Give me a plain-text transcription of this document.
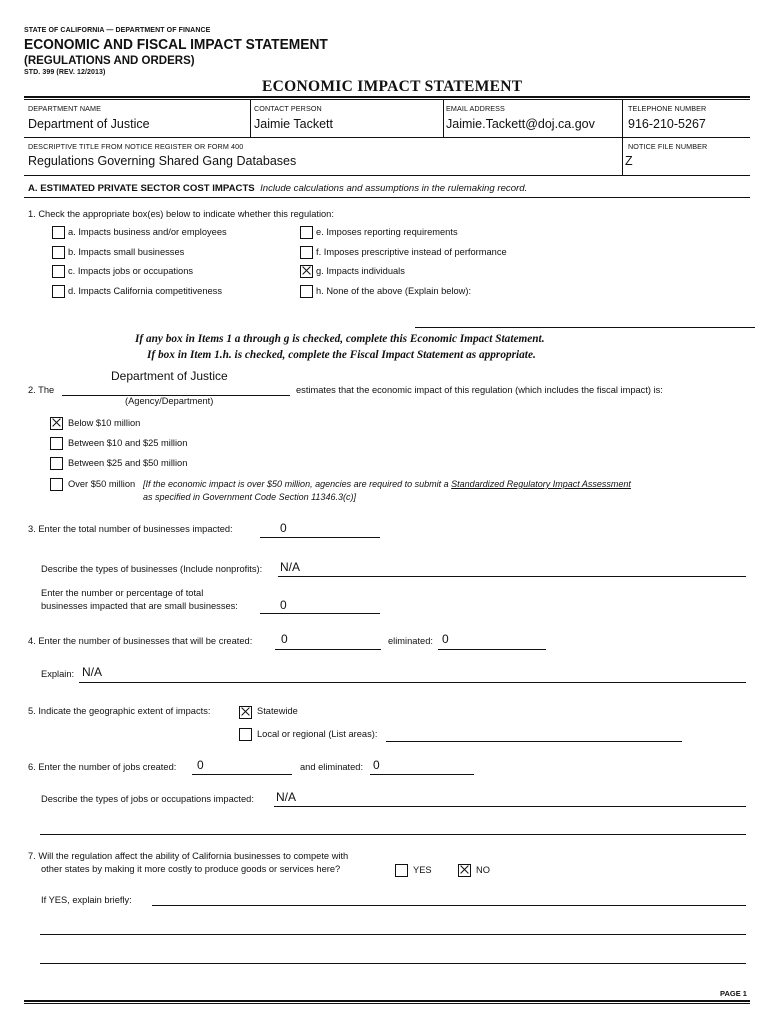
STATE OF CALIFORNIA — DEPARTMENT OF FINANCE
ECONOMIC AND FISCAL IMPACT STATEMENT
(REGULATIONS AND ORDERS)
STD. 399 (REV. 12/2013)
ECONOMIC IMPACT STATEMENT
DEPARTMENT NAME
Department of Justice
CONTACT PERSON
Jaimie Tackett
EMAIL ADDRESS
Jaimie.Tackett@doj.ca.gov
TELEPHONE NUMBER
916-210-5267
DESCRIPTIVE TITLE FROM NOTICE REGISTER OR FORM 400
Regulations Governing Shared Gang Databases
NOTICE FILE NUMBER
Z
A. ESTIMATED PRIVATE SECTOR COST IMPACTS Include calculations and assumptions in the rulemaking record.
1. Check the appropriate box(es) below to indicate whether this regulation:
a. Impacts business and/or employees
b. Impacts small businesses
c. Impacts jobs or occupations
d. Impacts California competitiveness
e. Imposes reporting requirements
f. Imposes prescriptive instead of performance
g. Impacts individuals
h. None of the above (Explain below):
If any box in Items 1 a through g is checked, complete this Economic Impact Statement.
If box in Item 1.h. is checked, complete the Fiscal Impact Statement as appropriate.
2. The
Department of Justice
(Agency/Department)
estimates that the economic impact of this regulation (which includes the fiscal impact) is:
Below $10 million
Between $10 and $25 million
Between $25 and $50 million
Over $50 million [If the economic impact is over $50 million, agencies are required to submit a Standardized Regulatory Impact Assessment
as specified in Government Code Section 11346.3(c)]
3. Enter the total number of businesses impacted:	0
Describe the types of businesses (Include nonprofits): N/A
Enter the number or percentage of total
businesses impacted that are small businesses:	0
4. Enter the number of businesses that will be created: 0	eliminated: 0
Explain: N/A
5. Indicate the geographic extent of impacts:	Statewide
Local or regional (List areas):
6. Enter the number of jobs created: 0	and eliminated: 0
Describe the types of jobs or occupations impacted: N/A
7. Will the regulation affect the ability of California businesses to compete with
other states by making it more costly to produce goods or services here?	YES	NO
If YES, explain briefly:
PAGE 1
